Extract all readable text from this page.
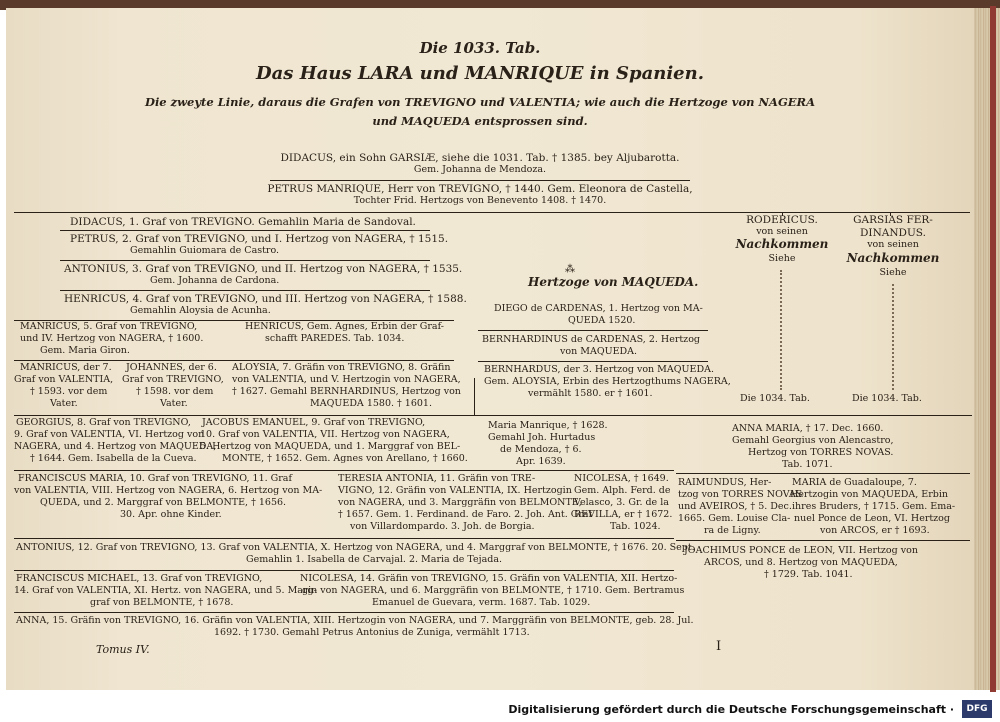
Die 1033. Tab.
Das Haus LARA und MANRIQUE in Spanien.
Die zweyte Linie, daraus die Grafen von TREVIGNO und VALENTIA; wie auch die Hertzoge von NAGERA
und MAQUEDA entsprossen sind.
DIDACUS, ein Sohn GARSIÆ, siehe die 1031. Tab. † 1385. bey Aljubarotta.
Gem. Johanna de Mendoza.
PETRUS MANRIQUE, Herr von TREVIGNO, † 1440. Gem. Eleonora de Castella,
Tochter Frid. Hertzogs von Benevento 1408. † 1470.
DIDACUS, 1. Graf von TREVIGNO. Gemahlin Maria de Sandoval.
PETRUS, 2. Graf von TREVIGNO, und I. Hertzog von NAGERA, † 1515.
Gemahlin Guiomara de Castro.
ANTONIUS, 3. Graf von TREVIGNO, und II. Hertzog von NAGERA, † 1535.
Gem. Johanna de Cardona.
HENRICUS, 4. Graf von TREVIGNO, und III. Hertzog von NAGERA, † 1588.
Gemahlin Aloysia de Acunha.
MANRICUS, 5. Graf von TREVIGNO,
und IV. Hertzog von NAGERA, † 1600.
Gem. Maria Giron.
HENRICUS, Gem. Agnes, Erbin der Graf-
schafft PAREDES. Tab. 1034.
MANRICUS, der 7.
Graf von VALENTIA,
† 1593. vor dem
Vater.
JOHANNES, der 6.
Graf von TREVIGNO,
† 1598. vor dem
Vater.
ALOYSIA, 7. Gräfin von TREVIGNO, 8. Gräfin
von VALENTIA, und V. Hertzogin von NAGERA,
† 1627. Gemahl BERNHARDINUS, Hertzog von
MAQUEDA 1580. † 1601.
GEORGIUS, 8. Graf von TREVIGNO,
9. Graf von VALENTIA, VI. Hertzog von
NAGERA, und 4. Hertzog von MAQUEDA,
† 1644. Gem. Isabella de la Cueva.
JACOBUS EMANUEL, 9. Graf von TREVIGNO,
10. Graf von VALENTIA, VII. Hertzog von NAGERA,
5. Hertzog von MAQUEDA, und 1. Marggraf von BEL-
MONTE, † 1652. Gem. Agnes von Arellano, † 1660.
FRANCISCUS MARIA, 10. Graf von TREVIGNO, 11. Graf
von VALENTIA, VIII. Hertzog von NAGERA, 6. Hertzog von MA-
QUEDA, und 2. Marggraf von BELMONTE, † 1656.
30. Apr. ohne Kinder.
TERESIA ANTONIA, 11. Gräfin von TRE-
VIGNO, 12. Gräfin von VALENTIA, IX. Hertzogin
von NAGERA, und 3. Marggräfin von BELMONTE,
† 1657. Gem. 1. Ferdinand. de Faro. 2. Joh. Ant. Graf
von Villardompardo. 3. Joh. de Borgia.
NICOLESA, † 1649.
Gem. Alph. Ferd. de
Velasco, 3. Gr. de la
REVILLA, er † 1672.
Tab. 1024.
ANTONIUS, 12. Graf von TREVIGNO, 13. Graf von VALENTIA, X. Hertzog von NAGERA, und 4. Marggraf von BELMONTE, † 1676. 20. Sept.
Gemahlin 1. Isabella de Carvajal. 2. Maria de Tejada.
FRANCISCUS MICHAEL, 13. Graf von TREVIGNO,
14. Graf von VALENTIA, XI. Hertz. von NAGERA, und 5. Marg-
graf von BELMONTE, † 1678.
NICOLESA, 14. Gräfin von TREVIGNO, 15. Gräfin von VALENTIA, XII. Hertzo-
gin von NAGERA, und 6. Marggräfin von BELMONTE, † 1710. Gem. Bertramus
Emanuel de Guevara, verm. 1687. Tab. 1029.
ANNA, 15. Gräfin von TREVIGNO, 16. Gräfin von VALENTIA, XIII. Hertzogin von NAGERA, und 7. Marggräfin von BELMONTE, geb. 28. Jul.
1692. † 1730. Gemahl Petrus Antonius de Zuniga, vermählt 1713.
⁂
Hertzoge von MAQUEDA.
DIEGO de CARDENAS, 1. Hertzog von MA-
QUEDA 1520.
BERNHARDINUS de CARDENAS, 2. Hertzog
von MAQUEDA.
BERNHARDUS, der 3. Hertzog von MAQUEDA.
Gem. ALOYSIA, Erbin des Hertzogthums NAGERA,
vermählt 1580. er † 1601.
Maria Manrique, † 1628.
Gemahl Joh. Hurtadus
de Mendoza, † 6.
Apr. 1639.
RODERICUS.
von seinen
Nachkommen
Siehe
Die 1034. Tab.
GARSIAS FER-
DINANDUS.
von seinen
Nachkommen
Siehe
Die 1034. Tab.
ANNA MARIA, † 17. Dec. 1660.
Gemahl Georgius von Alencastro,
Hertzog von TORRES NOVAS.
Tab. 1071.
RAIMUNDUS, Her-
tzog von TORRES NOVAS
und AVEIROS, † 5. Dec.
1665. Gem. Louise Cla-
ra de Ligny.
MARIA de Guadaloupe, 7.
Hertzogin von MAQUEDA, Erbin
ihres Bruders, † 1715. Gem. Ema-
nuel Ponce de Leon, VI. Hertzog
von ARCOS, er † 1693.
JOACHIMUS PONCE de LEON, VII. Hertzog von
ARCOS, und 8. Hertzog von MAQUEDA,
† 1729. Tab. 1041.
Tomus IV.	I
Digitalisierung gefördert durch die Deutsche Forschungsgemeinschaft ·	DFG
